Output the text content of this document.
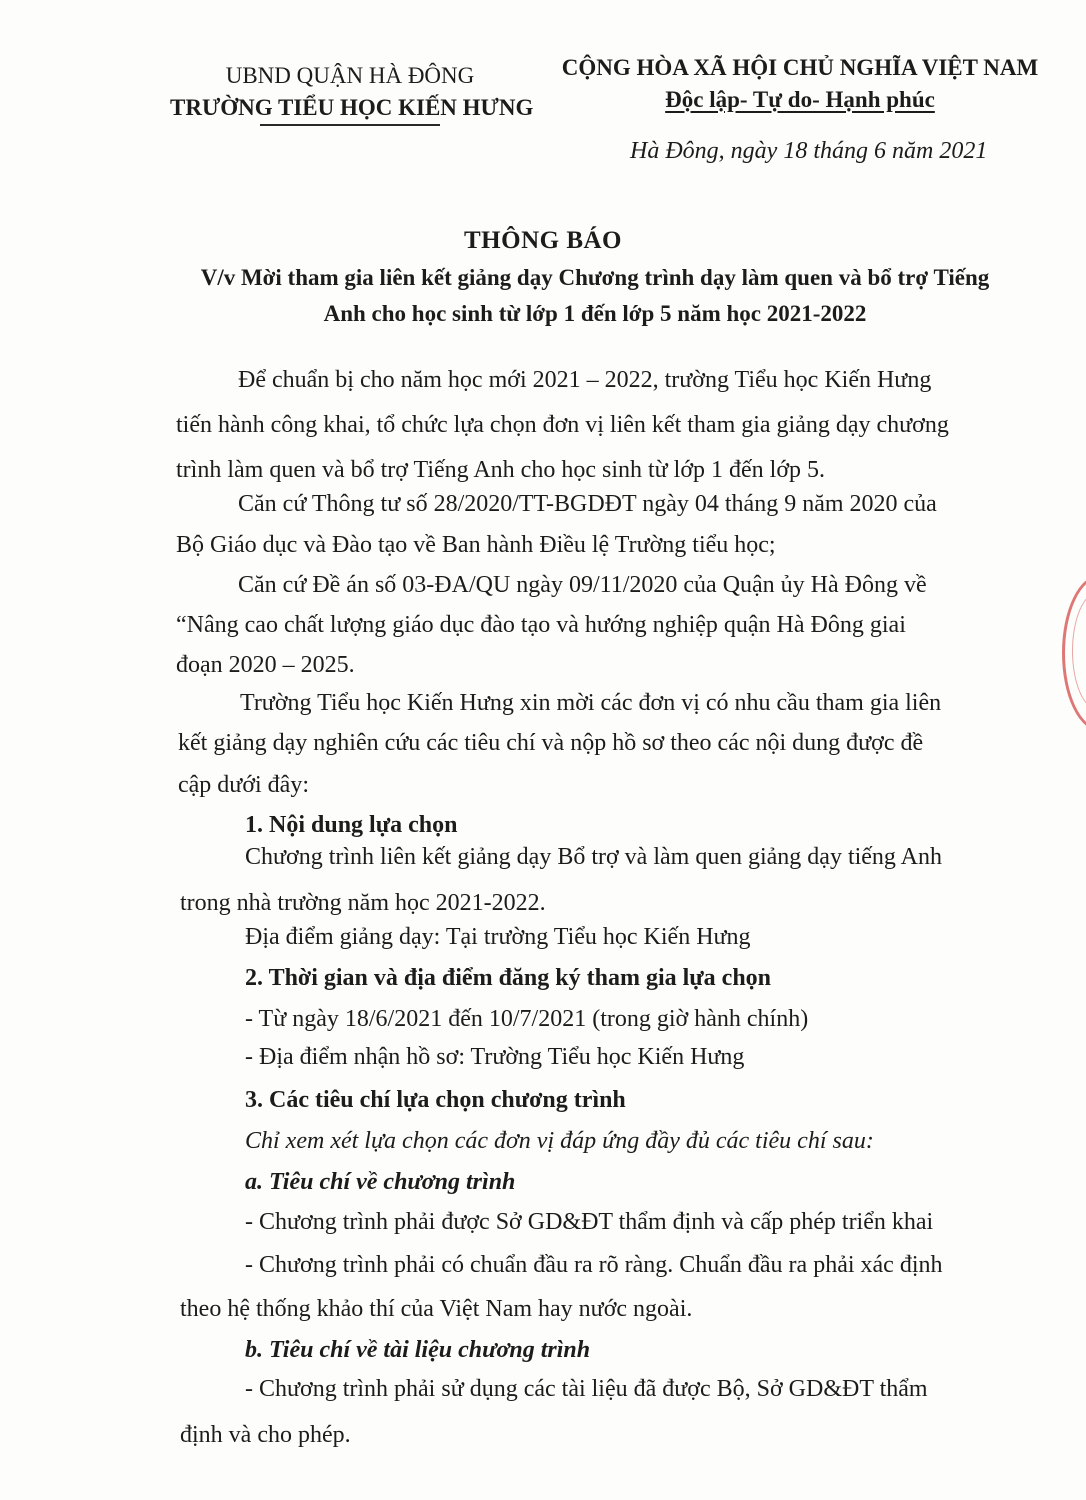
UBND QUẬN HÀ ĐÔNG
TRƯỜNG TIỂU HỌC KIẾN HƯNG
CỘNG HÒA XÃ HỘI CHỦ NGHĨA VIỆT NAM
Độc lập- Tự do- Hạnh phúc
Hà Đông, ngày 18 tháng 6 năm 2021
THÔNG BÁO
V/v Mời tham gia liên kết giảng dạy Chương trình dạy làm quen và bổ trợ Tiếng Anh cho học sinh từ lớp 1 đến lớp 5 năm học 2021-2022
Để chuẩn bị cho năm học mới 2021 – 2022, trường Tiểu học Kiến Hưng
tiến hành công khai, tổ chức lựa chọn đơn vị liên kết tham gia giảng dạy chương
trình làm quen và bổ trợ Tiếng Anh cho học sinh từ lớp 1 đến lớp 5.
Căn cứ Thông tư số 28/2020/TT-BGDĐT ngày 04 tháng 9 năm 2020 của
Bộ Giáo dục và Đào tạo về Ban hành Điều lệ Trường tiểu học;
Căn cứ Đề án số 03-ĐA/QU ngày 09/11/2020 của Quận ủy Hà Đông về
“Nâng cao chất lượng giáo dục đào tạo và hướng nghiệp quận Hà Đông giai
đoạn 2020 – 2025.
Trường Tiểu học Kiến Hưng xin mời các đơn vị có nhu cầu tham gia liên
kết giảng dạy nghiên cứu các tiêu chí và nộp hồ sơ theo các nội dung được đề
cập dưới đây:
1. Nội dung lựa chọn
Chương trình liên kết giảng dạy Bổ trợ và làm quen giảng dạy tiếng Anh
trong nhà trường năm học 2021-2022.
Địa điểm giảng dạy: Tại trường Tiểu học Kiến Hưng
2. Thời gian và địa điểm đăng ký tham gia lựa chọn
- Từ ngày 18/6/2021 đến 10/7/2021 (trong giờ hành chính)
- Địa điểm nhận hồ sơ: Trường Tiểu học Kiến Hưng
3. Các tiêu chí lựa chọn chương trình
Chỉ xem xét lựa chọn các đơn vị đáp ứng đầy đủ các tiêu chí sau:
a. Tiêu chí về chương trình
- Chương trình phải được Sở GD&ĐT thẩm định và cấp phép triển khai
- Chương trình phải có chuẩn đầu ra rõ ràng. Chuẩn đầu ra phải xác định
theo hệ thống khảo thí của Việt Nam hay nước ngoài.
b. Tiêu chí về tài liệu chương trình
- Chương trình phải sử dụng các tài liệu đã được Bộ, Sở GD&ĐT thẩm
định và cho phép.
